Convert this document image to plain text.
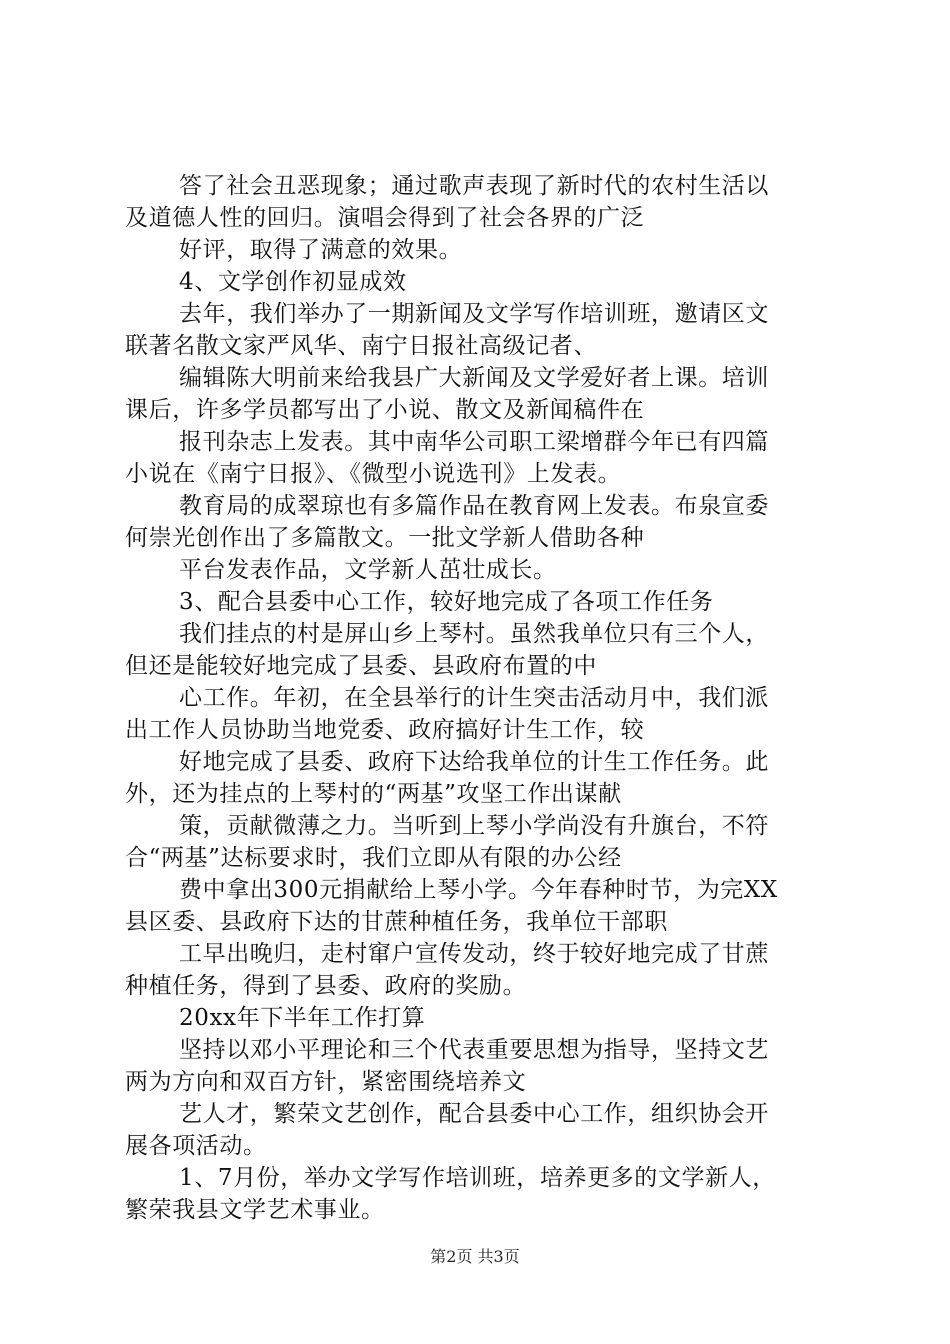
答了社会丑恶现象；通过歌声表现了新时代的农村生活以
及道德人性的回归。演唱会得到了社会各界的广泛
好评，取得了满意的效果。
4、文学创作初显成效
去年，我们举办了一期新闻及文学写作培训班，邀请区文
联著名散文家严风华、南宁日报社高级记者、
编辑陈大明前来给我县广大新闻及文学爱好者上课。培训
课后，许多学员都写出了小说、散文及新闻稿件在
报刊杂志上发表。其中南华公司职工梁增群今年已有四篇
小说在《南宁日报》、《微型小说选刊》上发表。
教育局的成翠琼也有多篇作品在教育网上发表。布泉宣委
何崇光创作出了多篇散文。一批文学新人借助各种
平台发表作品，文学新人茁壮成长。
3、配合县委中心工作，较好地完成了各项工作任务
我们挂点的村是屏山乡上琴村。虽然我单位只有三个人，
但还是能较好地完成了县委、县政府布置的中
心工作。年初，在全县举行的计生突击活动月中，我们派
出工作人员协助当地党委、政府搞好计生工作，较
好地完成了县委、政府下达给我单位的计生工作任务。此
外，还为挂点的上琴村的“两基”攻坚工作出谋献
策，贡献微薄之力。当听到上琴小学尚没有升旗台，不符
合“两基”达标要求时，我们立即从有限的办公经
费中拿出300元捐献给上琴小学。今年春种时节，为完XX
县区委、县政府下达的甘蔗种植任务，我单位干部职
工早出晚归，走村窜户宣传发动，终于较好地完成了甘蔗
种植任务，得到了县委、政府的奖励。
20xx年下半年工作打算
坚持以邓小平理论和三个代表重要思想为指导，坚持文艺
两为方向和双百方针，紧密围绕培养文
艺人才，繁荣文艺创作，配合县委中心工作，组织协会开
展各项活动。
1、7月份，举办文学写作培训班，培养更多的文学新人，
繁荣我县文学艺术事业。
第2页 共3页
